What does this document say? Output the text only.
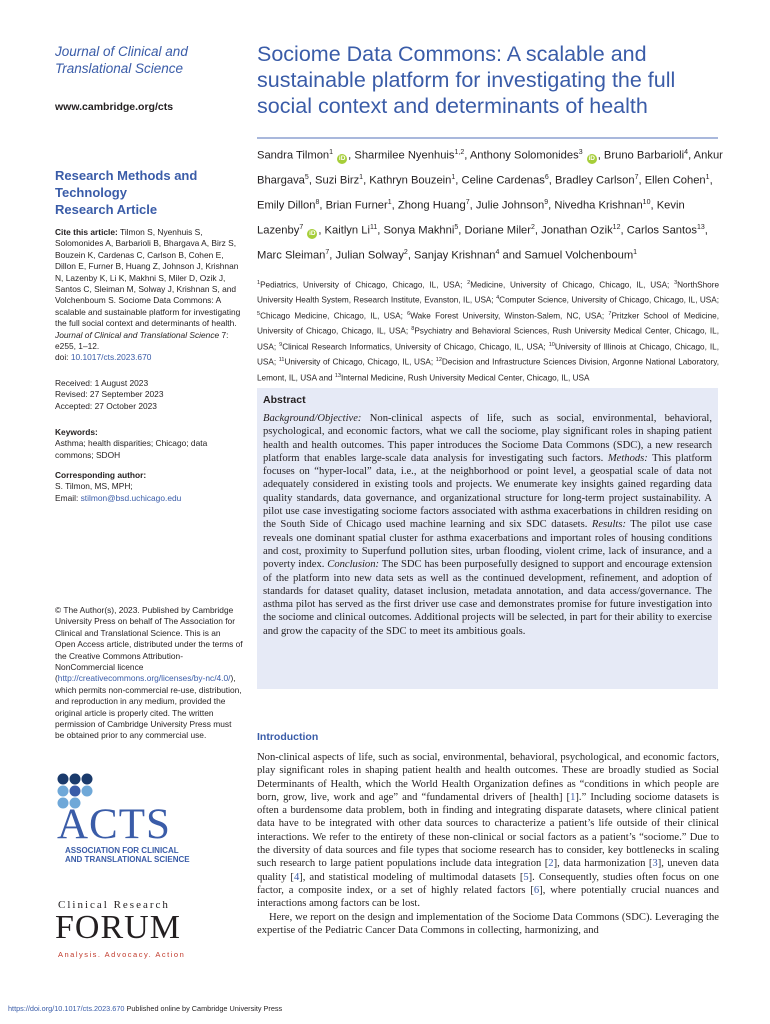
Journal of Clinical and Translational Science
www.cambridge.org/cts
Research Methods and
Technology
Research Article
Cite this article: Tilmon S, Nyenhuis S, Solomonides A, Barbarioli B, Bhargava A, Birz S, Bouzein K, Cardenas C, Carlson B, Cohen E, Dillon E, Furner B, Huang Z, Johnson J, Krishnan N, Lazenby K, Li K, Makhni S, Miler D, Ozik J, Santos C, Sleiman M, Solway J, Krishnan S, and Volchenboum S. Sociome Data Commons: A scalable and sustainable platform for investigating the full social context and determinants of health. Journal of Clinical and Translational Science 7: e255, 1–12.
doi: 10.1017/cts.2023.670
Received: 1 August 2023
Revised: 27 September 2023
Accepted: 27 October 2023
Keywords:
Asthma; health disparities; Chicago; data commons; SDOH
Corresponding author:
S. Tilmon, MS, MPH;
Email: stilmon@bsd.uchicago.edu
© The Author(s), 2023. Published by Cambridge University Press on behalf of The Association for Clinical and Translational Science. This is an Open Access article, distributed under the terms of the Creative Commons Attribution-NonCommercial licence (http://creativecommons.org/licenses/by-nc/4.0/), which permits non-commercial re-use, distribution, and reproduction in any medium, provided the original article is properly cited. The written permission of Cambridge University Press must be obtained prior to any commercial use.
ACTS
ASSOCIATION FOR CLINICAL
AND TRANSLATIONAL SCIENCE
Clinical Research
FORUM
Analysis. Advocacy. Action
Sociome Data Commons: A scalable and sustainable platform for investigating the full social context and determinants of health
Sandra Tilmon$^1$ iD , Sharmilee Nyenhuis$^{1,2}$, Anthony Solomonides$^3$ iD , Bruno Barbarioli$^4$, Ankur Bhargava$^5$, Suzi Birz$^1$, Kathryn Bouzein$^1$, Celine Cardenas$^6$, Bradley Carlson$^7$, Ellen Cohen$^1$, Emily Dillon$^8$, Brian Furner$^1$, Zhong Huang$^7$, Julie Johnson$^9$, Nivedha Krishnan$^{10}$, Kevin Lazenby$^7$ iD , Kaitlyn Li$^{11}$, Sonya Makhni$^5$, Doriane Miler$^2$, Jonathan Ozik$^{12}$, Carlos Santos$^{13}$, Marc Sleiman$^7$, Julian Solway$^2$, Sanjay Krishnan$^4$ and Samuel Volchenboum$^1$
$^1$Pediatrics, University of Chicago, Chicago, IL, USA; $^2$Medicine, University of Chicago, Chicago, IL, USA; $^3$NorthShore University Health System, Research Institute, Evanston, IL, USA; $^4$Computer Science, University of Chicago, Chicago, IL, USA; $^5$Chicago Medicine, Chicago, IL, USA; $^6$Wake Forest University, Winston-Salem, NC, USA; $^7$Pritzker School of Medicine, University of Chicago, Chicago, IL, USA; $^8$Psychiatry and Behavioral Sciences, Rush University Medical Center, Chicago, IL, USA; $^9$Clinical Research Informatics, University of Chicago, Chicago, IL, USA; $^{10}$University of Illinois at Chicago, Chicago, IL, USA; $^{11}$University of Chicago, Chicago, IL, USA; $^{12}$Decision and Infrastructure Sciences Division, Argonne National Laboratory, Lemont, IL, USA and $^{13}$Internal Medicine, Rush University Medical Center, Chicago, IL, USA
Abstract
Background/Objective: Non-clinical aspects of life, such as social, environmental, behavioral, psychological, and economic factors, what we call the sociome, play significant roles in shaping patient health and health outcomes. This paper introduces the Sociome Data Commons (SDC), a new research platform that enables large-scale data analysis for investigating such factors. Methods: This platform focuses on “hyper-local” data, i.e., at the neighborhood or point level, a geospatial scale of data not adequately considered in existing tools and projects. We enumerate key insights gained regarding data quality standards, data governance, and organizational structure for long-term project sustainability. A pilot use case investigating sociome factors associated with asthma exacerbations in children residing on the South Side of Chicago used machine learning and six SDC datasets. Results: The pilot use case reveals one dominant spatial cluster for asthma exacerbations and important roles of housing conditions and cost, proximity to Superfund pollution sites, urban flooding, violent crime, lack of insurance, and a poverty index. Conclusion: The SDC has been purposefully designed to support and encourage extension of the platform into new data sets as well as the continued development, refinement, and adoption of standards for dataset quality, dataset inclusion, metadata annotation, and data access/governance. The asthma pilot has served as the first driver use case and demonstrates promise for future investigation into the sociome and clinical outcomes. Additional projects will be selected, in part for their ability to exercise and grow the capacity of the SDC to meet its ambitious goals.
Introduction

Non-clinical aspects of life, such as social, environmental, behavioral, psychological, and economic factors, play significant roles in shaping patient health and health outcomes. These are broadly studied as Social Determinants of Health, which the World Health Organization defines as “conditions in which people are born, grow, live, work and age” and “fundamental drivers of [health] [1].” Including sociome datasets is often a burdensome data problem, both in finding and integrating disparate datasets, where clinical patient data have to be integrated with other data sources to characterize a patient’s life outside of their clinical interactions. We refer to the entirety of these non-clinical or social factors as a patient’s “sociome.” Due to the diversity of data sources and file types that sociome research has to consider, key bottlenecks in scaling such research to large patient populations include data integration [2], data harmonization [3], uneven data quality [4], and statistical modeling of multimodal datasets [5]. Consequently, studies often focus on one factor, a composite index, or a set of highly related factors [6], where potentially crucial nuances and interactions among factors can be lost.

Here, we report on the design and implementation of the Sociome Data Commons (SDC). Leveraging the expertise of the Pediatric Cancer Data Commons in collecting, harmonizing, and

https://doi.org/10.1017/cts.2023.670 Published online by Cambridge University Press
